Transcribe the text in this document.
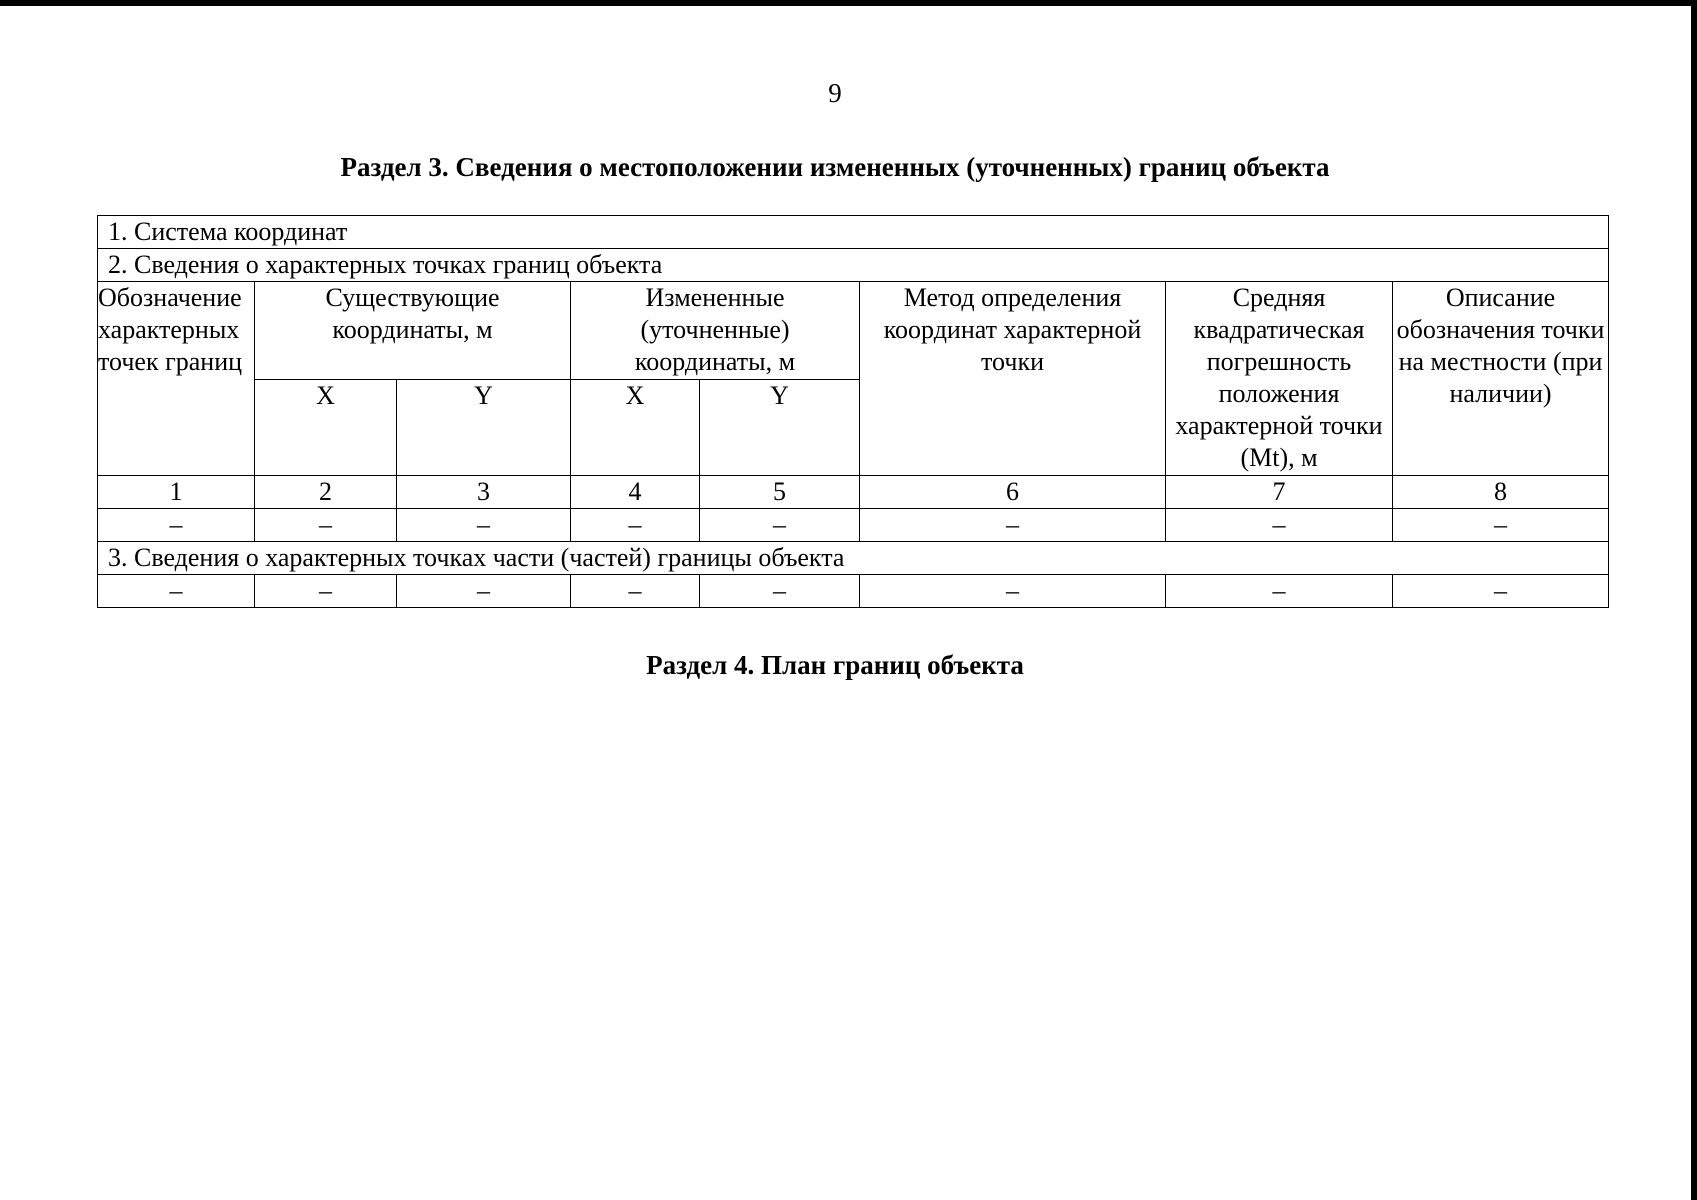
9
Раздел 3. Сведения о местоположении измененных (уточненных) границ объекта
1. Система координат							
2. Сведения о характерных точках границ объекта							
Обозначение характерных точек границ	Существующие координаты, м		Измененные (уточненные) координаты, м		Метод определения координат характерной точки	Средняя квадратическая погрешность положения характерной точки (Mt), м	Описание обозначения точки на местности (при наличии)
	X	Y	X	Y			
1	2	3	4	5	6	7	8
–	–	–	–	–	–	–	–
3. Сведения о характерных точках части (частей) границы объекта							
–	–	–	–	–	–	–	–
Раздел 4. План границ объекта
